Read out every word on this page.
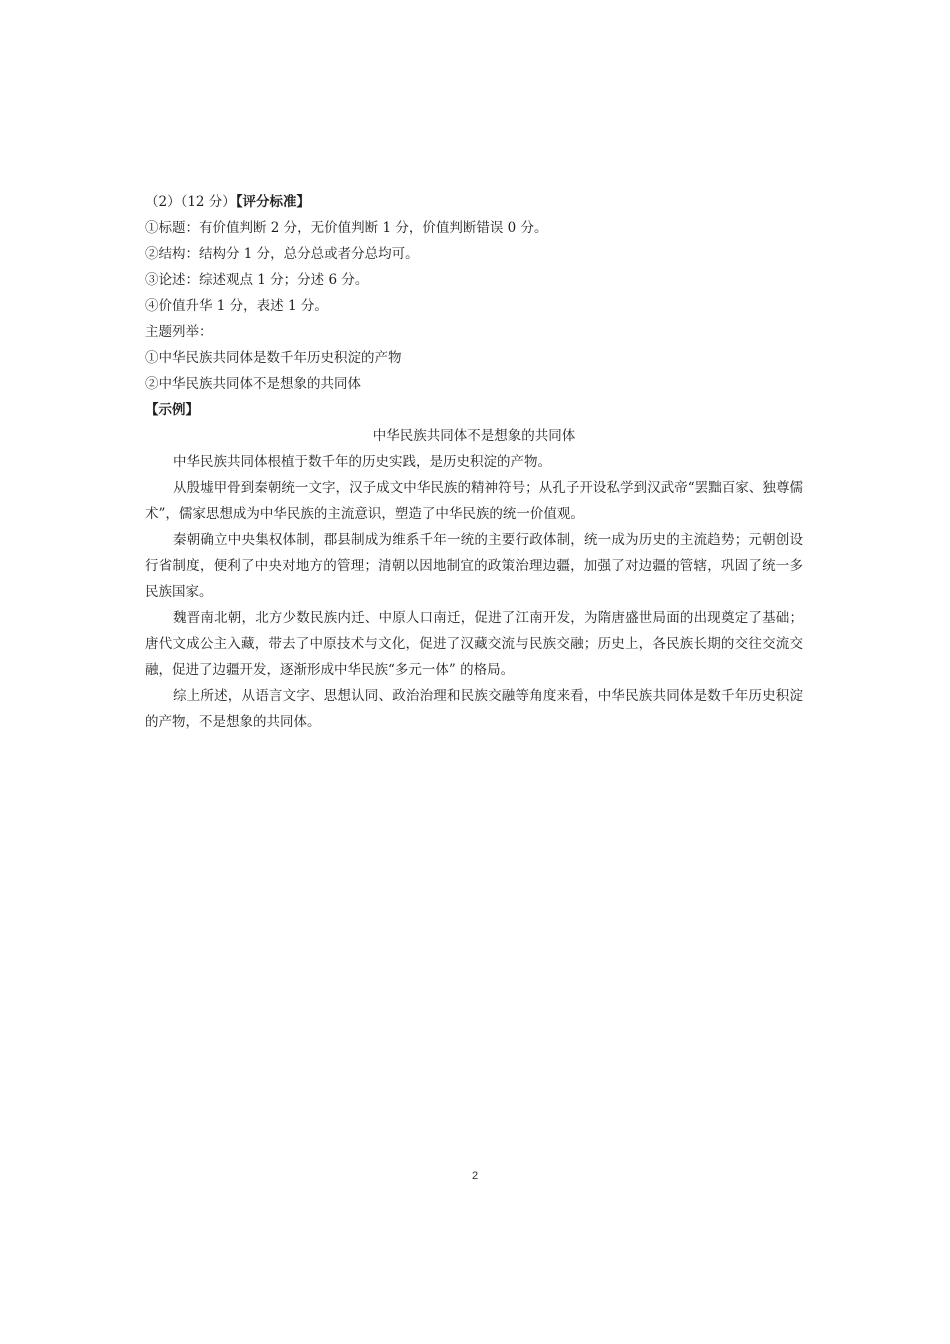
（2）（12 分）【评分标准】
①标题：有价值判断 2 分，无价值判断 1 分，价值判断错误 0 分。
②结构：结构分 1 分，总分总或者分总均可。
③论述：综述观点 1 分；分述 6 分。
④价值升华 1 分，表述 1 分。
主题列举：
①中华民族共同体是数千年历史积淀的产物
②中华民族共同体不是想象的共同体
【示例】
中华民族共同体不是想象的共同体

中华民族共同体根植于数千年的历史实践，是历史积淀的产物。

从殷墟甲骨到秦朝统一文字，汉子成文中华民族的精神符号；从孔子开设私学到汉武帝“罢黜百家、独尊儒术”，儒家思想成为中华民族的主流意识，塑造了中华民族的统一价值观。

秦朝确立中央集权体制，郡县制成为维系千年一统的主要行政体制，统一成为历史的主流趋势；元朝创设行省制度，便利了中央对地方的管理；清朝以因地制宜的政策治理边疆，加强了对边疆的管辖，巩固了统一多民族国家。

魏晋南北朝，北方少数民族内迁、中原人口南迁，促进了江南开发，为隋唐盛世局面的出现奠定了基础；唐代文成公主入藏，带去了中原技术与文化，促进了汉藏交流与民族交融；历史上，各民族长期的交往交流交融，促进了边疆开发，逐渐形成中华民族“多元一体” 的格局。

综上所述，从语言文字、思想认同、政治治理和民族交融等角度来看，中华民族共同体是数千年历史积淀的产物，不是想象的共同体。

2
